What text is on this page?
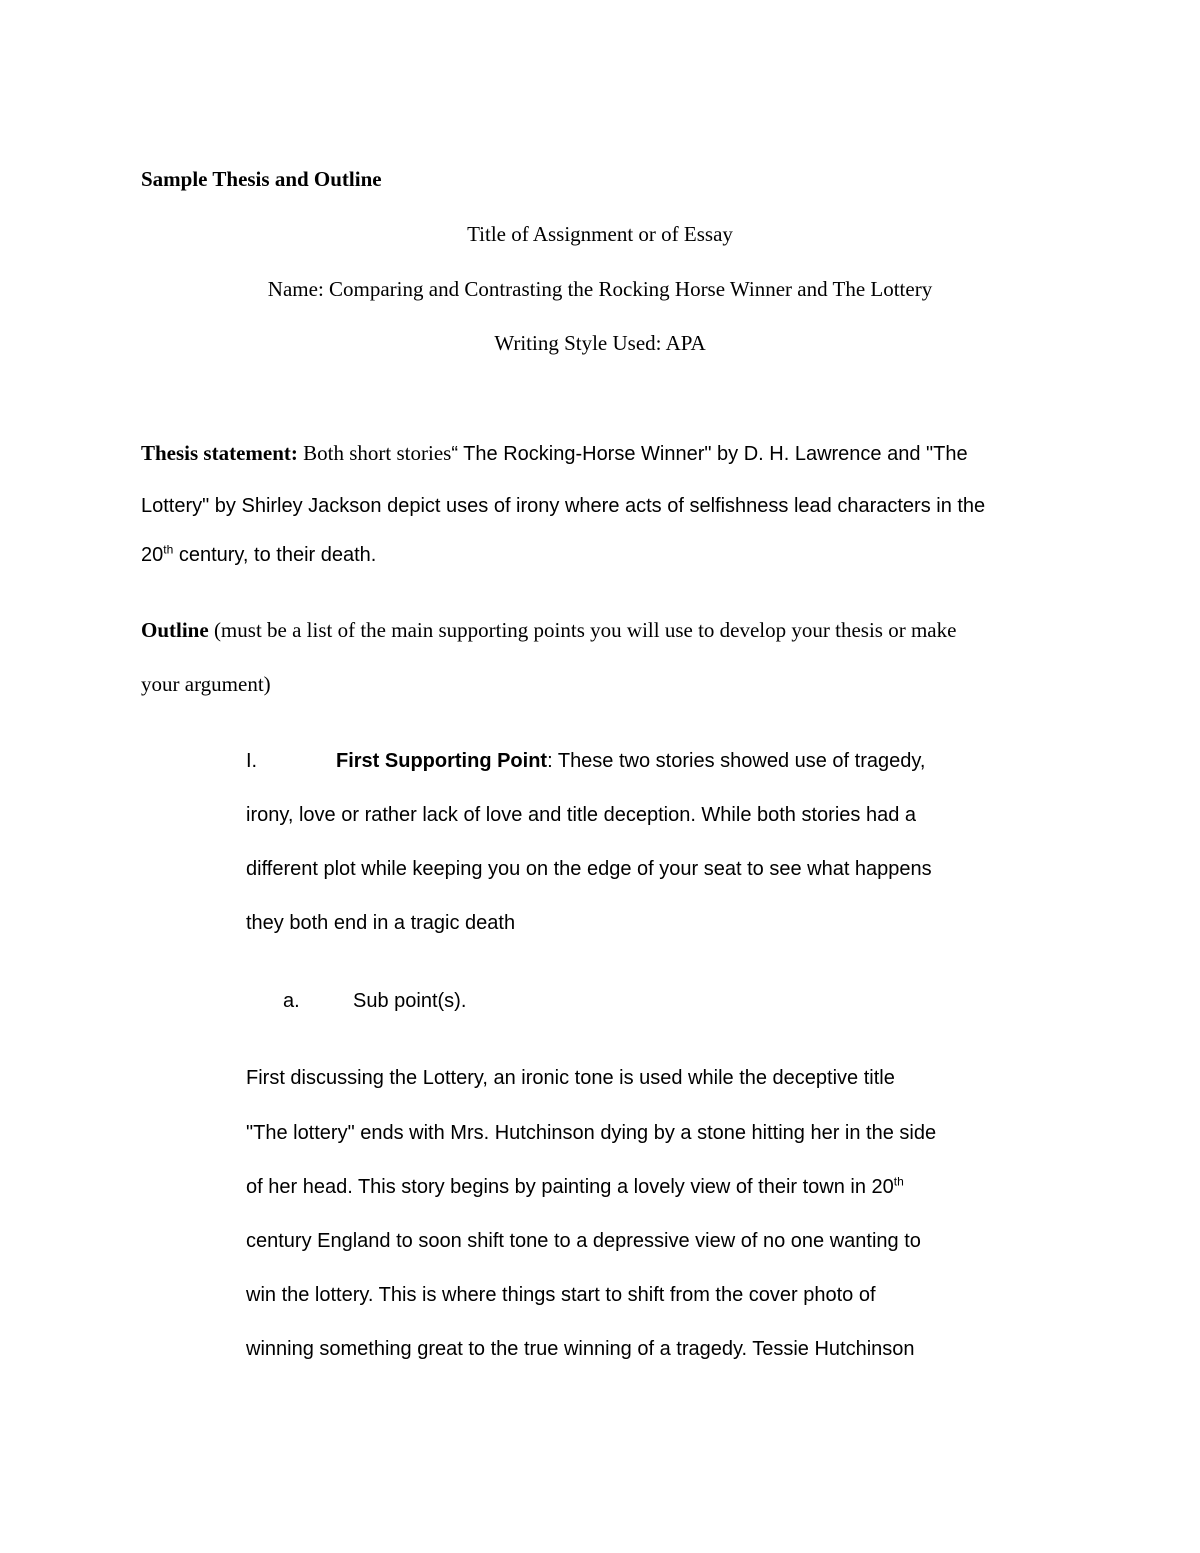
Sample Thesis and Outline
Title of Assignment or of Essay
Name: Comparing and Contrasting the Rocking Horse Winner and The Lottery
Writing Style Used: APA
Thesis statement: Both short stories“ The Rocking-Horse Winner" by D. H. Lawrence and "The
Lottery" by Shirley Jackson depict uses of irony where acts of selfishness lead characters in the
20th century, to their death.
Outline (must be a list of the main supporting points you will use to develop your thesis or make
your argument)
I.	First Supporting Point: These two stories showed use of tragedy,
irony, love or rather lack of love and title deception. While both stories had a
different plot while keeping you on the edge of your seat to see what happens
they both end in a tragic death
a.	Sub point(s).
First discussing the Lottery, an ironic tone is used while the deceptive title
"The lottery" ends with Mrs. Hutchinson dying by a stone hitting her in the side
of her head. This story begins by painting a lovely view of their town in 20th
century England to soon shift tone to a depressive view of no one wanting to
win the lottery. This is where things start to shift from the cover photo of
winning something great to the true winning of a tragedy. Tessie Hutchinson
